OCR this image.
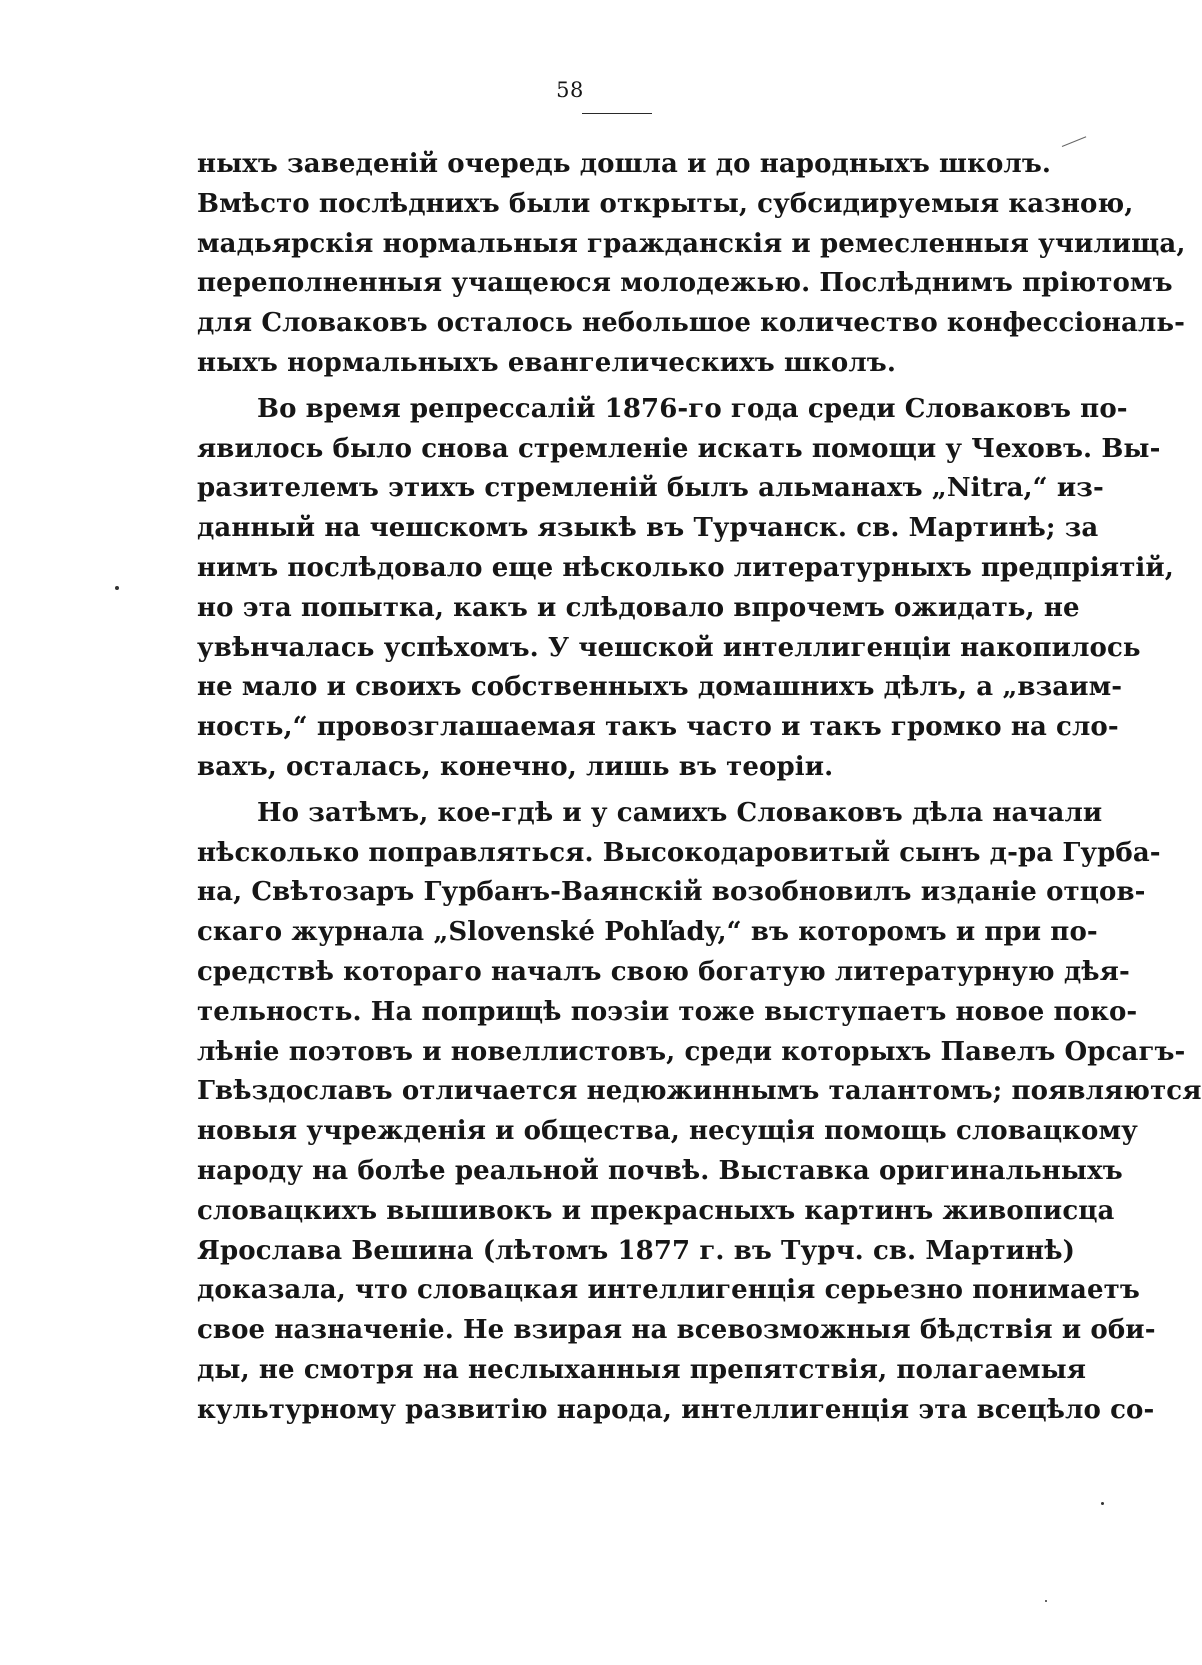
58
ныхъ заведеній очередь дошла и до народныхъ школъ.
Вмѣсто послѣднихъ были открыты, субсидируемыя казною,
мадьярскія нормальныя гражданскія и ремесленныя училища,
переполненныя учащеюся молодежью. Послѣднимъ пріютомъ
для Словаковъ осталось небольшое количество конфессіональ-
ныхъ нормальныхъ евангелическихъ школъ.
Во время репрессалій 1876-го года среди Словаковъ по-
явилось было снова стремленіе искать помощи у Чеховъ. Вы-
разителемъ этихъ стремленій былъ альманахъ „Nitra,“ из-
данный на чешскомъ языкѣ въ Турчанск. св. Мартинѣ; за
нимъ послѣдовало еще нѣсколько литературныхъ предпріятій,
но эта попытка, какъ и слѣдовало впрочемъ ожидать, не
увѣнчалась успѣхомъ. У чешской интеллигенціи накопилось
не мало и своихъ собственныхъ домашнихъ дѣлъ, а „взаим-
ность,“ провозглашаемая такъ часто и такъ громко на сло-
вахъ, осталась, конечно, лишь въ теоріи.
Но затѣмъ, кое-гдѣ и у самихъ Словаковъ дѣла начали
нѣсколько поправляться. Высокодаровитый сынъ д-ра Гурба-
на, Свѣтозаръ Гурбанъ-Ваянскій возобновилъ изданіе отцов-
скаго журнала „Slovenské Pohľady,“ въ которомъ и при по-
средствѣ котораго началъ свою богатую литературную дѣя-
тельность. На поприщѣ поэзіи тоже выступаетъ новое поко-
лѣніе поэтовъ и новеллистовъ, среди которыхъ Павелъ Орсагъ-
Гвѣздославъ отличается недюжиннымъ талантомъ; появляются
новыя учрежденія и общества, несущія помощь словацкому
народу на болѣе реальной почвѣ. Выставка оригинальныхъ
словацкихъ вышивокъ и прекрасныхъ картинъ живописца
Ярослава Вешина (лѣтомъ 1877 г. въ Турч. св. Мартинѣ)
доказала, что словацкая интеллигенція серьезно понимаетъ
свое назначеніе. Не взирая на всевозможныя бѣдствія и оби-
ды, не смотря на неслыханныя препятствія, полагаемыя
культурному развитію народа, интеллигенція эта всецѣло со-
